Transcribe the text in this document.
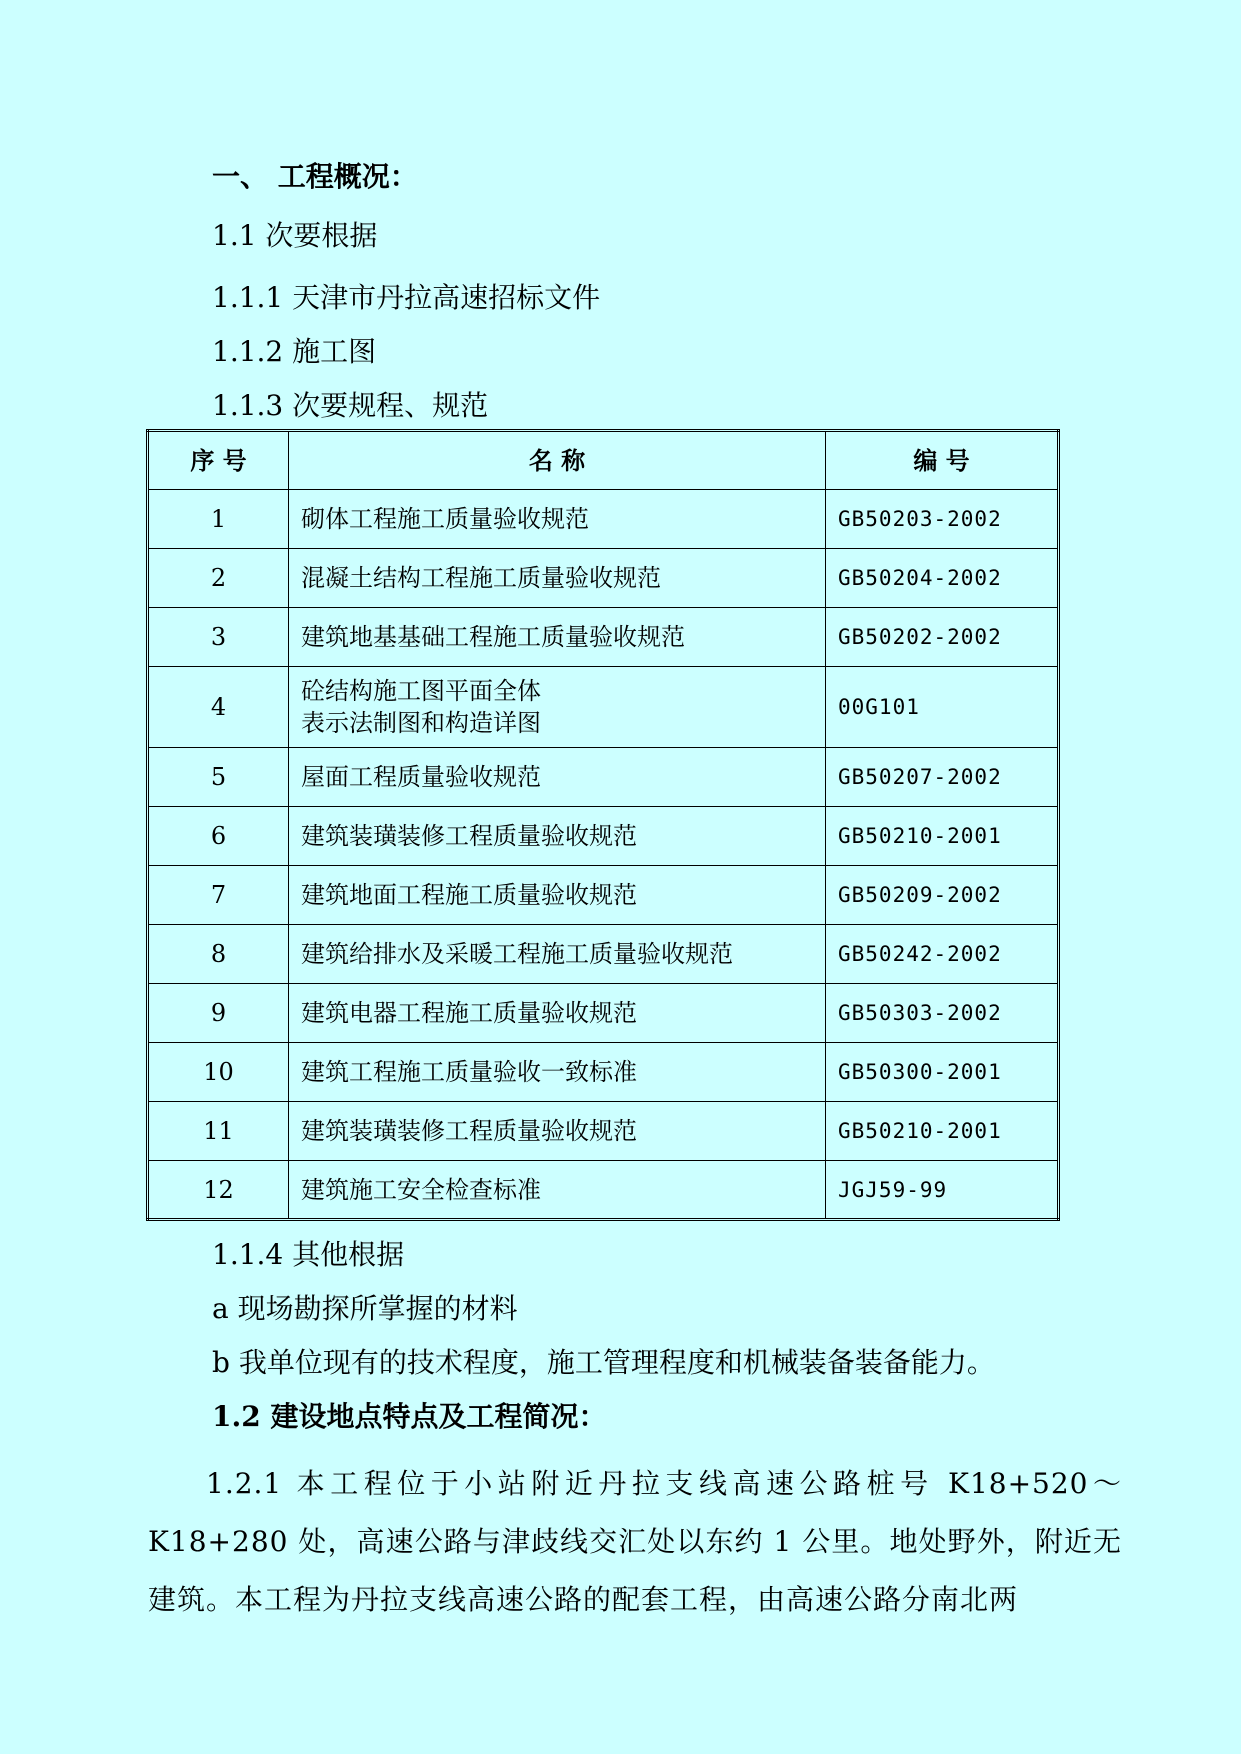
一、 工程概况：
1.1 次要根据
1.1.1 天津市丹拉高速招标文件
1.1.2 施工图
1.1.3 次要规程、规范
序 号	名 称	编 号
1	砌体工程施工质量验收规范	GB50203-2002
2	混凝土结构工程施工质量验收规范	GB50204-2002
3	建筑地基基础工程施工质量验收规范	GB50202-2002
4	砼结构施工图平面全体
表示法制图和构造详图	00G101
5	屋面工程质量验收规范	GB50207-2002
6	建筑装璜装修工程质量验收规范	GB50210-2001
7	建筑地面工程施工质量验收规范	GB50209-2002
8	建筑给排水及采暖工程施工质量验收规范	GB50242-2002
9	建筑电器工程施工质量验收规范	GB50303-2002
10	建筑工程施工质量验收一致标准	GB50300-2001
11	建筑装璜装修工程质量验收规范	GB50210-2001
12	建筑施工安全检查标准	JGJ59-99
1.1.4 其他根据
a 现场勘探所掌握的材料
b 我单位现有的技术程度，施工管理程度和机械装备装备能力。
1.2 建设地点特点及工程简况：
1.2.1 本工程位于小站附近丹拉支线高速公路桩号 K18+520～K18+280 处，高速公路与津歧线交汇处以东约 1 公里。地处野外，附近无建筑。本工程为丹拉支线高速公路的配套工程，由高速公路分南北两
